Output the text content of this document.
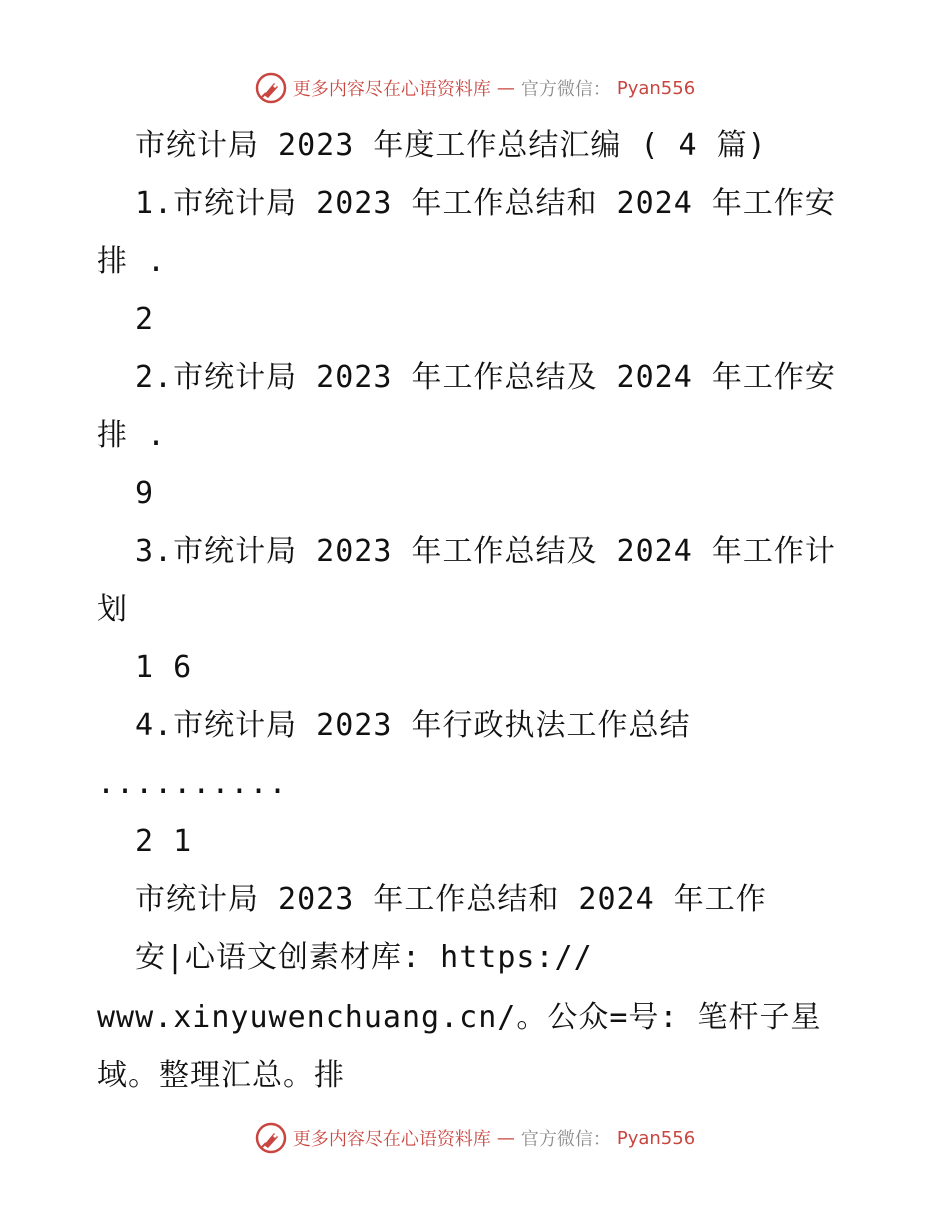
更多内容尽在心语资料库 — 官方微信： Pyan556
市统计局 2023 年度工作总结汇编 ( 4 篇)
1.市统计局 2023 年工作总结和 2024 年工作安
排 .
2
2.市统计局 2023 年工作总结及 2024 年工作安
排 .
9
3.市统计局 2023 年工作总结及 2024 年工作计
划
1 6
4.市统计局 2023 年行政执法工作总结
..........
2 1
市统计局 2023 年工作总结和 2024 年工作
安|心语文创素材库: https://
www.xinyuwenchuang.cn/。公众=号: 笔杆子星
域。整理汇总。排
更多内容尽在心语资料库 — 官方微信： Pyan556
